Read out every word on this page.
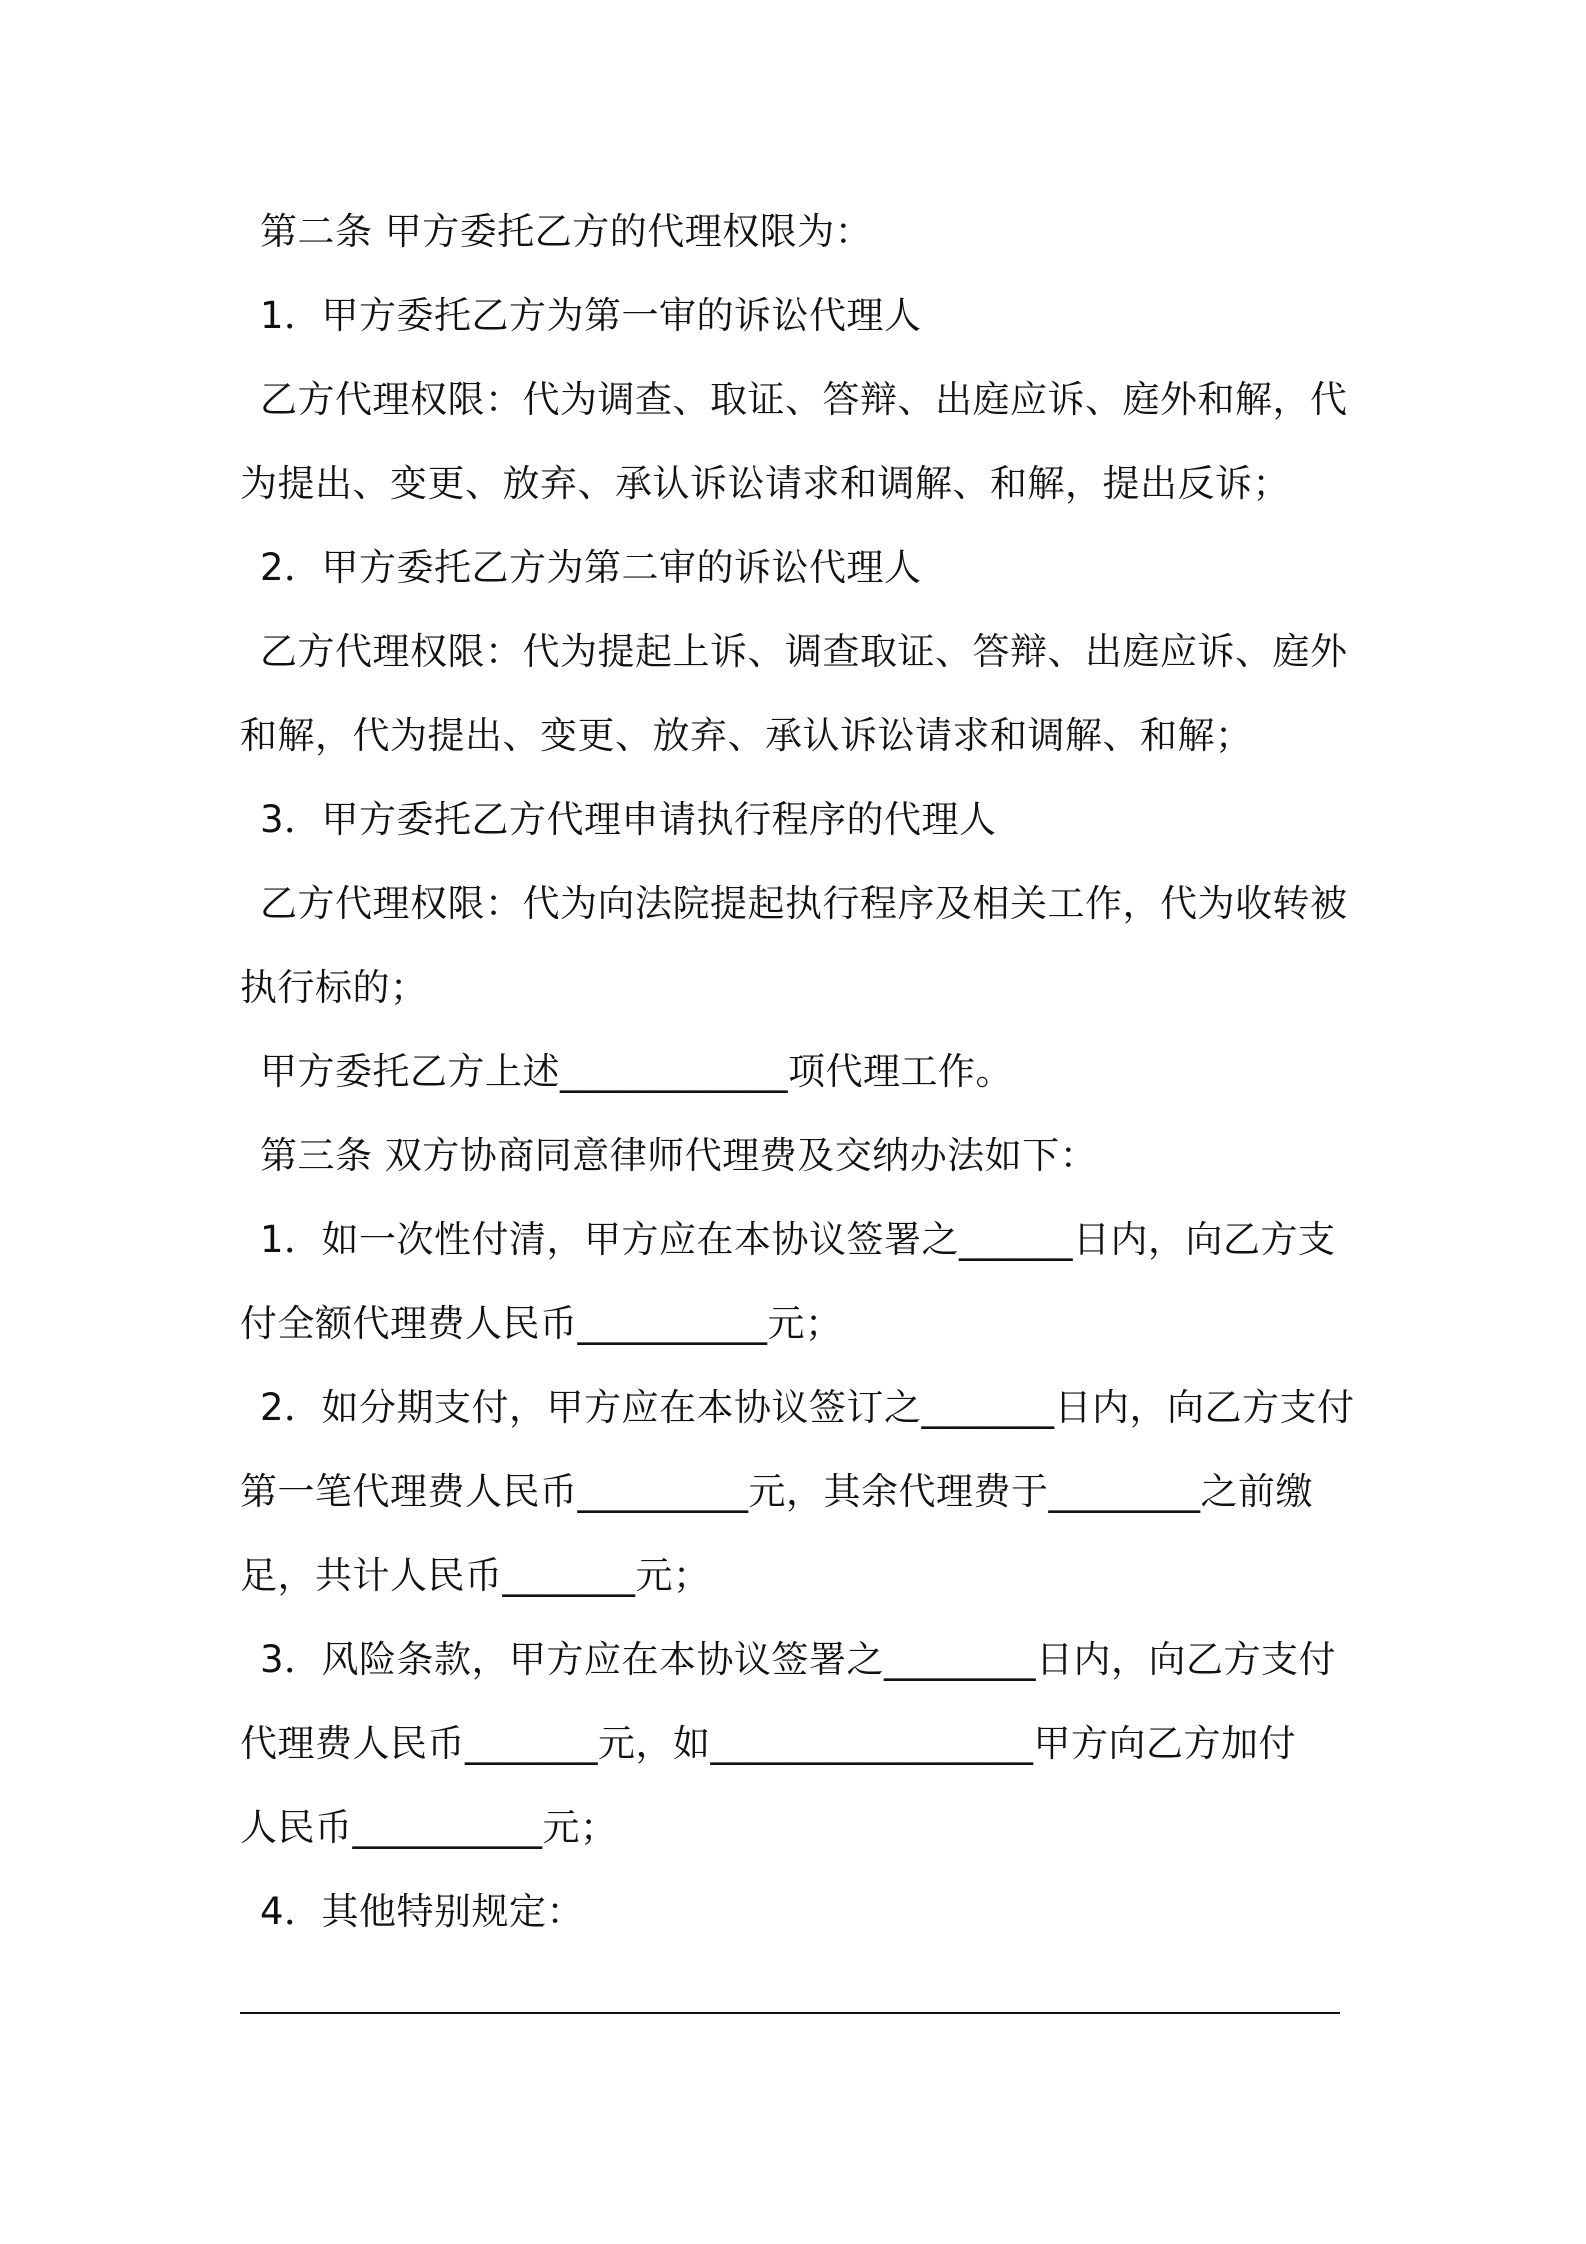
第二条 甲方委托乙方的代理权限为：
1．甲方委托乙方为第一审的诉讼代理人
乙方代理权限：代为调查、取证、答辩、出庭应诉、庭外和解，代
为提出、变更、放弃、承认诉讼请求和调解、和解，提出反诉；
2．甲方委托乙方为第二审的诉讼代理人
乙方代理权限：代为提起上诉、调查取证、答辩、出庭应诉、庭外
和解，代为提出、变更、放弃、承认诉讼请求和调解、和解；
3．甲方委托乙方代理申请执行程序的代理人
乙方代理权限：代为向法院提起执行程序及相关工作，代为收转被
执行标的；
甲方委托乙方上述____________项代理工作。
第三条 双方协商同意律师代理费及交纳办法如下：
1．如一次性付清，甲方应在本协议签署之______日内，向乙方支
付全额代理费人民币__________元；
2．如分期支付，甲方应在本协议签订之_______日内，向乙方支付
第一笔代理费人民币_________元，其余代理费于________之前缴
足，共计人民币_______元；
3．风险条款，甲方应在本协议签署之________日内，向乙方支付
代理费人民币_______元，如_________________甲方向乙方加付
人民币__________元；
4．其他特别规定：
